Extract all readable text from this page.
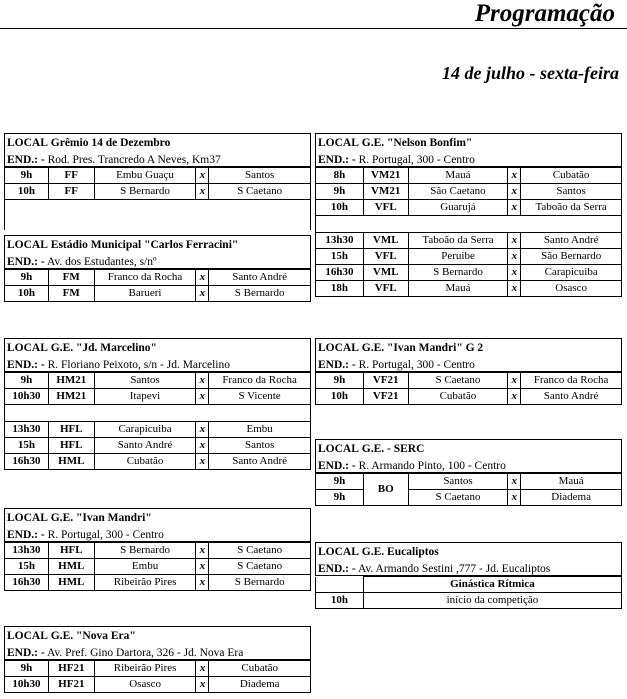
Programação
14 de julho - sexta-feira
LOCAL Grêmio 14 de Dezembro
END.: - Rod. Pres. Trancredo A Neves, Km37
9h	FF	Embu Guaçu	x	Santos
10h	FF	S Bernardo	x	S Caetano
LOCAL Estádio Municipal "Carlos Ferracini"
END.: - Av. dos Estudantes, s/nº
9h	FM	Franco da Rocha	x	Santo André
10h	FM	Barueri	x	S Bernardo
LOCAL G.E. "Nelson Bonfim"
END.: - R. Portugal, 300 - Centro
8h	VM21	Mauá	x	Cubatão
9h	VM21	São Caetano	x	Santos
10h	VFL	Guarujá	x	Taboão da Serra
13h30	VML	Taboão da Serra	x	Santo André
15h	VFL	Peruibe	x	São Bernardo
16h30	VML	S Bernardo	x	Carapicuiba
18h	VFL	Mauá	x	Osasco
LOCAL G.E. "Jd. Marcelino"
END.: - R. Floriano Peixoto, s/n - Jd. Marcelino
9h	HM21	Santos	x	Franco da Rocha
10h30	HM21	Itapevi	x	S Vicente
13h30	HFL	Carapicuiba	x	Embu
15h	HFL	Santo André	x	Santos
16h30	HML	Cubatão	x	Santo André
LOCAL G.E. "Ivan Mandri" G 2
END.: - R. Portugal, 300 - Centro
9h	VF21	S Caetano	x	Franco da Rocha
10h	VF21	Cubatão	x	Santo André
LOCAL G.E. - SERC
END.: - R. Armando Pinto, 100 - Centro
9h	BO	Santos	x	Mauá
9h		S Caetano	x	Diadema
LOCAL G.E. "Ivan Mandri"
END.: - R. Portugal, 300 - Centro
13h30	HFL	S Bernardo	x	S Caetano
15h	HML	Embu	x	S Caetano
16h30	HML	Ribeirão Pires	x	S Bernardo
LOCAL G.E. Eucaliptos
END.: - Av. Armando Sestini ,777 - Jd. Eucaliptos
	Ginástica Rítmica
10h	início da competição
LOCAL G.E. "Nova Era"
END.: - Av. Pref. Gino Dartora, 326 - Jd. Nova Era
9h	HF21	Ribeirão Pires	x	Cubatão
10h30	HF21	Osasco	x	Diadema
